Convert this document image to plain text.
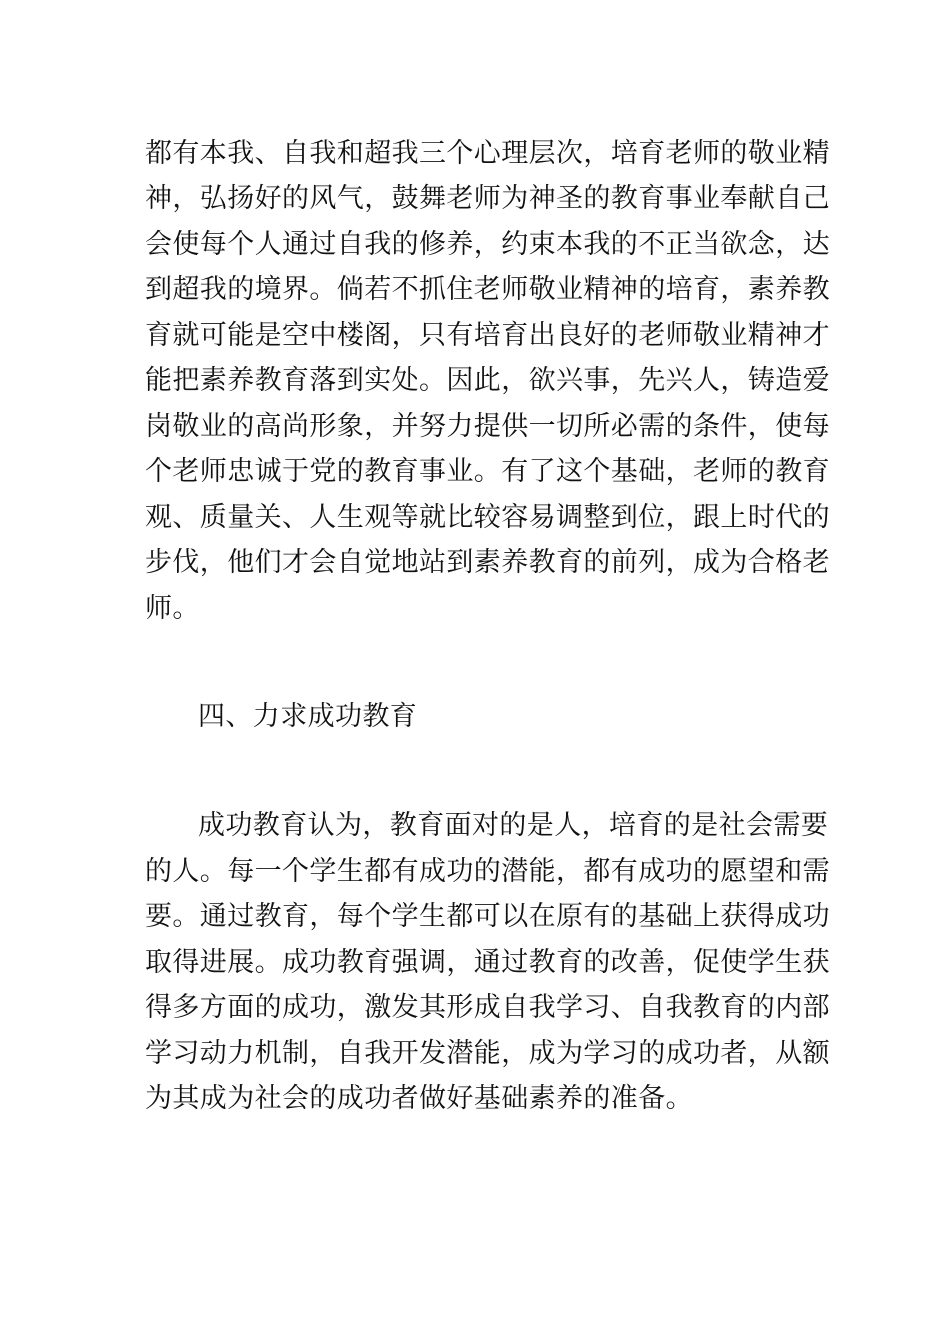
都有本我、自我和超我三个心理层次，培育老师的敬业精
神，弘扬好的风气，鼓舞老师为神圣的教育事业奉献自己
会使每个人通过自我的修养，约束本我的不正当欲念，达
到超我的境界。倘若不抓住老师敬业精神的培育，素养教
育就可能是空中楼阁，只有培育出良好的老师敬业精神才
能把素养教育落到实处。因此，欲兴事，先兴人，铸造爱
岗敬业的高尚形象，并努力提供一切所必需的条件，使每
个老师忠诚于党的教育事业。有了这个基础，老师的教育
观、质量关、人生观等就比较容易调整到位，跟上时代的
步伐，他们才会自觉地站到素养教育的前列，成为合格老
师。
四、力求成功教育
成功教育认为，教育面对的是人，培育的是社会需要
的人。每一个学生都有成功的潜能，都有成功的愿望和需
要。通过教育，每个学生都可以在原有的基础上获得成功
取得进展。成功教育强调，通过教育的改善，促使学生获
得多方面的成功，激发其形成自我学习、自我教育的内部
学习动力机制，自我开发潜能，成为学习的成功者，从额
为其成为社会的成功者做好基础素养的准备。
